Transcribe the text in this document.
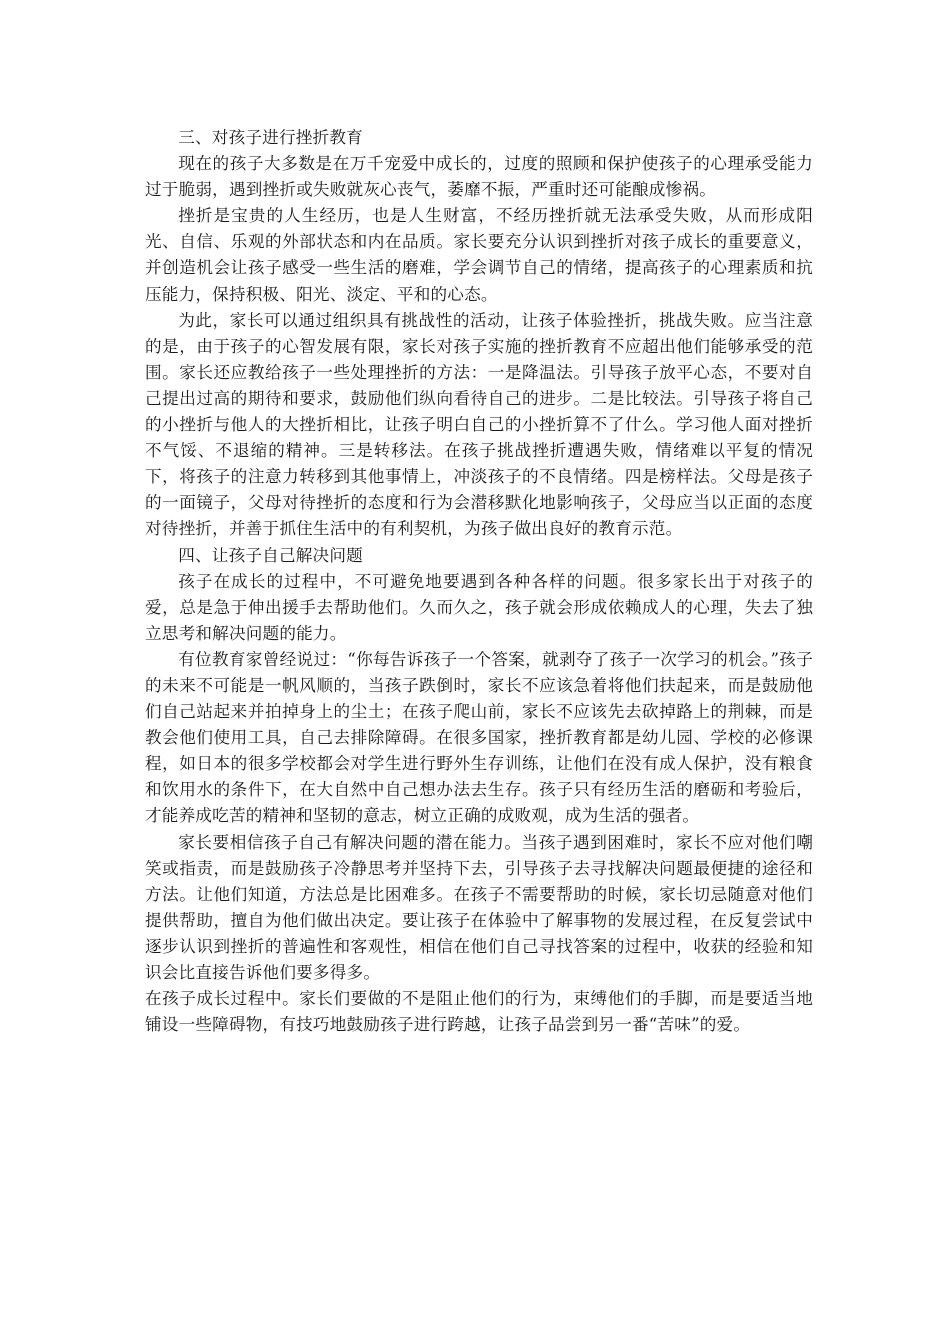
三、对孩子进行挫折教育

现在的孩子大多数是在万千宠爱中成长的，过度的照顾和保护使孩子的心理承受能力过于脆弱，遇到挫折或失败就灰心丧气，萎靡不振，严重时还可能酿成惨祸。

挫折是宝贵的人生经历，也是人生财富，不经历挫折就无法承受失败，从而形成阳光、自信、乐观的外部状态和内在品质。家长要充分认识到挫折对孩子成长的重要意义，并创造机会让孩子感受一些生活的磨难，学会调节自己的情绪，提高孩子的心理素质和抗压能力，保持积极、阳光、淡定、平和的心态。

为此，家长可以通过组织具有挑战性的活动，让孩子体验挫折，挑战失败。应当注意的是，由于孩子的心智发展有限，家长对孩子实施的挫折教育不应超出他们能够承受的范围。家长还应教给孩子一些处理挫折的方法：一是降温法。引导孩子放平心态，不要对自己提出过高的期待和要求，鼓励他们纵向看待自己的进步。二是比较法。引导孩子将自己的小挫折与他人的大挫折相比，让孩子明白自己的小挫折算不了什么。学习他人面对挫折不气馁、不退缩的精神。三是转移法。在孩子挑战挫折遭遇失败，情绪难以平复的情况下，将孩子的注意力转移到其他事情上，冲淡孩子的不良情绪。四是榜样法。父母是孩子的一面镜子，父母对待挫折的态度和行为会潜移默化地影响孩子，父母应当以正面的态度对待挫折，并善于抓住生活中的有利契机，为孩子做出良好的教育示范。

四、让孩子自己解决问题

孩子在成长的过程中，不可避免地要遇到各种各样的问题。很多家长出于对孩子的爱，总是急于伸出援手去帮助他们。久而久之，孩子就会形成依赖成人的心理，失去了独立思考和解决问题的能力。

有位教育家曾经说过：“你每告诉孩子一个答案，就剥夺了孩子一次学习的机会。”孩子的未来不可能是一帆风顺的，当孩子跌倒时，家长不应该急着将他们扶起来，而是鼓励他们自己站起来并拍掉身上的尘土；在孩子爬山前，家长不应该先去砍掉路上的荆棘，而是教会他们使用工具，自己去排除障碍。在很多国家，挫折教育都是幼儿园、学校的必修课程，如日本的很多学校都会对学生进行野外生存训练，让他们在没有成人保护，没有粮食和饮用水的条件下，在大自然中自己想办法去生存。孩子只有经历生活的磨砺和考验后，才能养成吃苦的精神和坚韧的意志，树立正确的成败观，成为生活的强者。

家长要相信孩子自己有解决问题的潜在能力。当孩子遇到困难时，家长不应对他们嘲笑或指责，而是鼓励孩子冷静思考并坚持下去，引导孩子去寻找解决问题最便捷的途径和方法。让他们知道，方法总是比困难多。在孩子不需要帮助的时候，家长切忌随意对他们提供帮助，擅自为他们做出决定。要让孩子在体验中了解事物的发展过程，在反复尝试中逐步认识到挫折的普遍性和客观性，相信在他们自己寻找答案的过程中，收获的经验和知识会比直接告诉他们要多得多。

在孩子成长过程中。家长们要做的不是阻止他们的行为，束缚他们的手脚，而是要适当地铺设一些障碍物，有技巧地鼓励孩子进行跨越，让孩子品尝到另一番“苦味”的爱。
